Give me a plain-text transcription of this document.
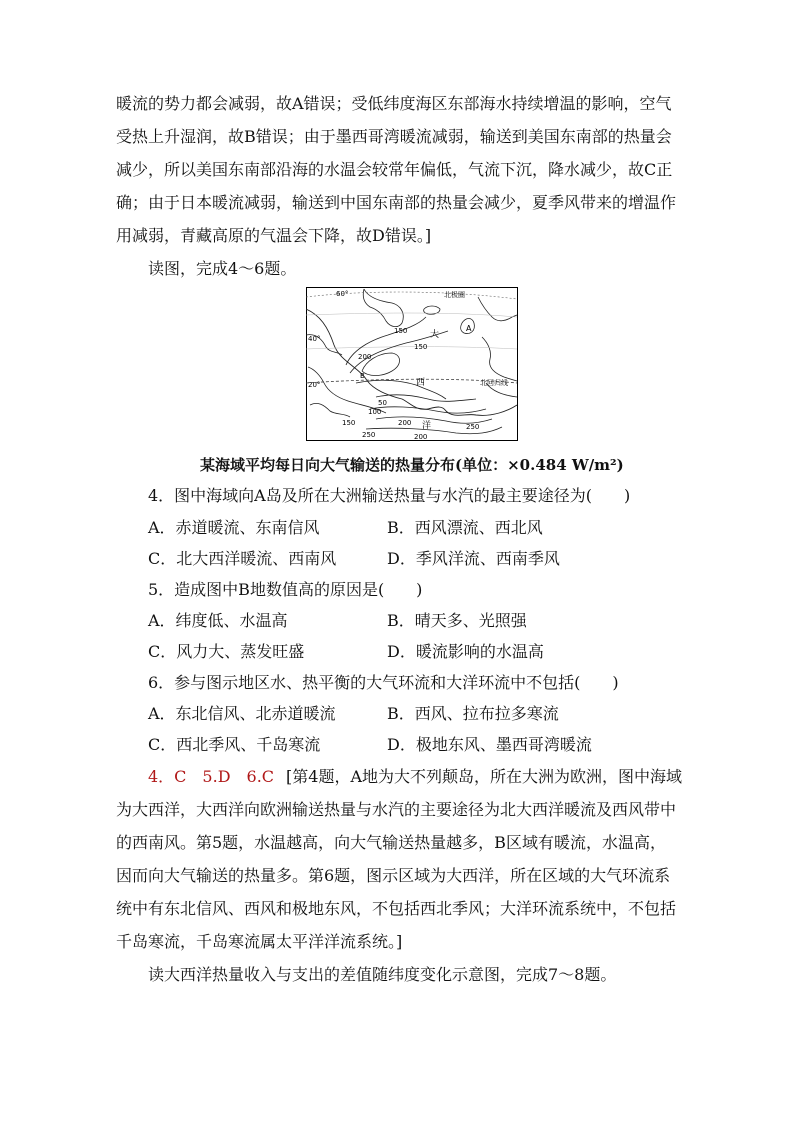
暖流的势力都会减弱，故A错误；受低纬度海区东部海水持续增温的影响，空气
受热上升湿润，故B错误；由于墨西哥湾暖流减弱，输送到美国东南部的热量会
减少，所以美国东南部沿海的水温会较常年偏低，气流下沉，降水减少，故C正
确；由于日本暖流减弱，输送到中国东南部的热量会减少，夏季风带来的增温作
用减弱，青藏高原的气温会下降，故D错误。]
读图，完成4～6题。
60°
40°
20°
北极圈
北回归线
大
西
洋
A
B
150
150
200
50
100
150	200
250
250
200
某海域平均每日向大气输送的热量分布(单位：×0.484 W/m²)
4．图中海域向A岛及所在大洲输送热量与水汽的最主要途径为(　　)
A．赤道暖流、东南信风	B．西风漂流、西北风
C．北大西洋暖流、西南风	D．季风洋流、西南季风
5．造成图中B地数值高的原因是(　　)
A．纬度低、水温高	B．晴天多、光照强
C．风力大、蒸发旺盛	D．暖流影响的水温高
6．参与图示地区水、热平衡的大气环流和大洋环流中不包括(　　)
A．东北信风、北赤道暖流	B．西风、拉布拉多寒流
C．西北季风、千岛寒流	D．极地东风、墨西哥湾暖流
4．C　5.D　6.C [第4题，A地为大不列颠岛，所在大洲为欧洲，图中海域
为大西洋，大西洋向欧洲输送热量与水汽的主要途径为北大西洋暖流及西风带中
的西南风。第5题，水温越高，向大气输送热量越多，B区域有暖流，水温高，
因而向大气输送的热量多。第6题，图示区域为大西洋，所在区域的大气环流系
统中有东北信风、西风和极地东风，不包括西北季风；大洋环流系统中，不包括
千岛寒流，千岛寒流属太平洋洋流系统。]
读大西洋热量收入与支出的差值随纬度变化示意图，完成7～8题。
